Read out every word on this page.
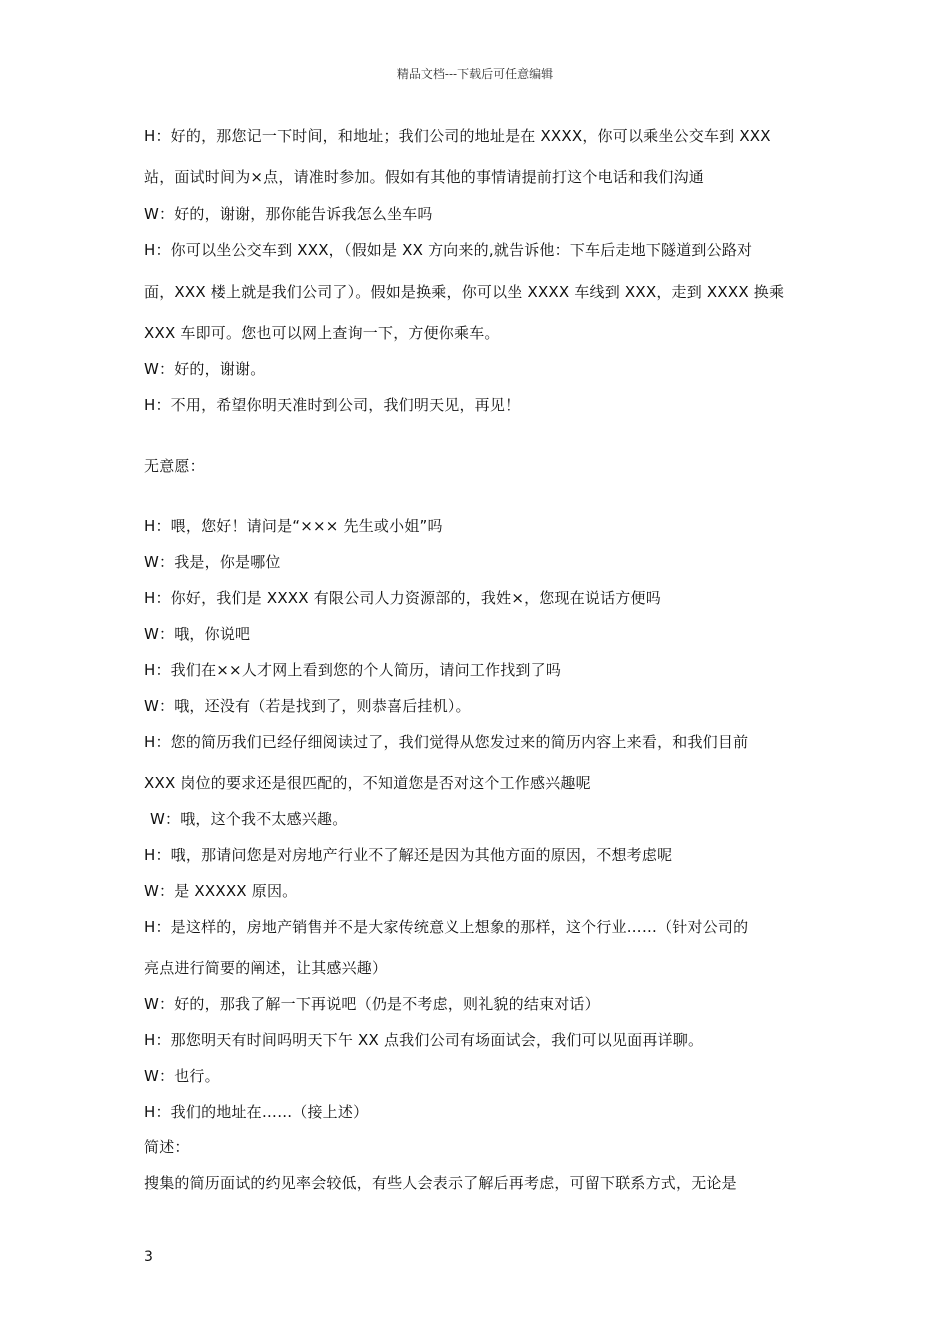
精品文档---下载后可任意编辑
H：好的，那您记一下时间，和地址；我们公司的地址是在 XXXX，你可以乘坐公交车到 XXX
站，面试时间为×点，请准时参加。假如有其他的事情请提前打这个电话和我们沟通
W：好的，谢谢，那你能告诉我怎么坐车吗
H：你可以坐公交车到 XXX，（假如是 XX 方向来的,就告诉他：下车后走地下隧道到公路对
面，XXX 楼上就是我们公司了）。假如是换乘，你可以坐 XXXX 车线到 XXX，走到 XXXX 换乘
XXX 车即可。您也可以网上查询一下，方便你乘车。
W：好的，谢谢。
H：不用，希望你明天准时到公司，我们明天见，再见！
无意愿：
H：喂，您好！请问是“××× 先生或小姐”吗
W：我是，你是哪位
H：你好，我们是 XXXX 有限公司人力资源部的，我姓×，您现在说话方便吗
W：哦，你说吧
H：我们在××人才网上看到您的个人简历，请问工作找到了吗
W：哦，还没有（若是找到了，则恭喜后挂机）。
H：您的简历我们已经仔细阅读过了，我们觉得从您发过来的简历内容上来看，和我们目前
XXX 岗位的要求还是很匹配的，不知道您是否对这个工作感兴趣呢
W：哦，这个我不太感兴趣。
H：哦，那请问您是对房地产行业不了解还是因为其他方面的原因，不想考虑呢
W：是 XXXXX 原因。
H：是这样的，房地产销售并不是大家传统意义上想象的那样，这个行业……（针对公司的
亮点进行简要的阐述，让其感兴趣）
W：好的，那我了解一下再说吧（仍是不考虑，则礼貌的结束对话）
H：那您明天有时间吗明天下午 XX 点我们公司有场面试会，我们可以见面再详聊。
W：也行。
H：我们的地址在……（接上述）
简述：
搜集的简历面试的约见率会较低，有些人会表示了解后再考虑，可留下联系方式，无论是
3
